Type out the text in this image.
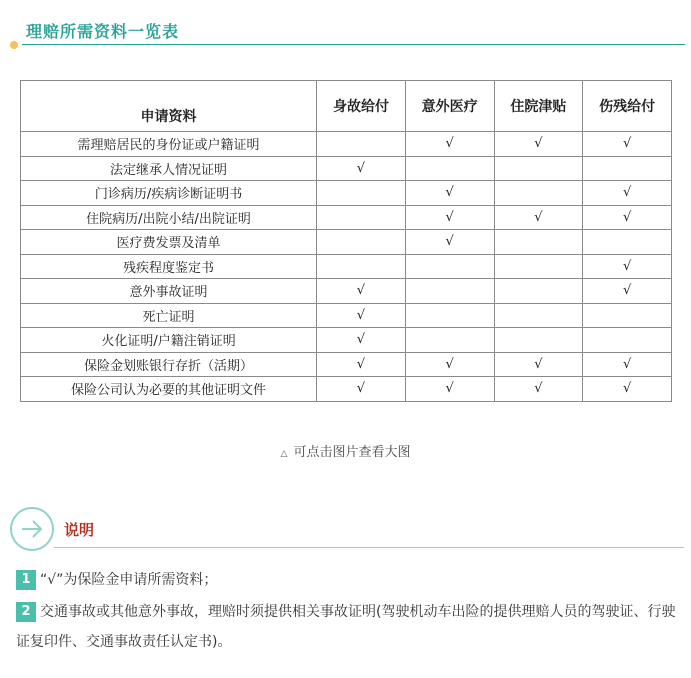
理赔所需资料一览表
申请资料	身故给付	意外医疗	住院津贴	伤残给付
需理赔居民的身份证或户籍证明		√	√	√
法定继承人情况证明	√			
门诊病历/疾病诊断证明书		√		√
住院病历/出院小结/出院证明		√	√	√
医疗费发票及清单		√		
残疾程度鉴定书				√
意外事故证明	√			√
死亡证明	√			
火化证明/户籍注销证明	√			
保险金划账银行存折（活期）	√	√	√	√
保险公司认为必要的其他证明文件	√	√	√	√
△ 可点击图片查看大图
说明
1 “√”为保险金申请所需资料；
2 交通事故或其他意外事故，理赔时须提供相关事故证明(驾驶机动车出险的提供理赔人员的驾驶证、行驶证复印件、交通事故责任认定书)。
